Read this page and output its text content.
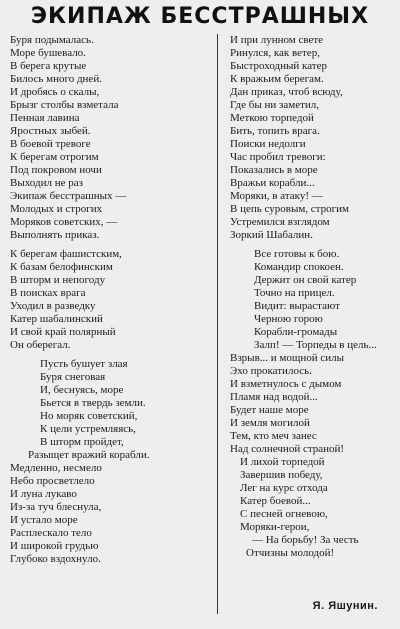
ЭКИПАЖ БЕССТРАШНЫХ
Буря подымалась.
Море бушевало.
В берега крутые
Билось много дней.
И дробясь о скалы,
Брызг столбы взметала
Пенная лавина
Яростных зыбей.
В боевой тревоге
К берегам отрогим
Под покровом ночи
Выходил не раз
Экипаж бесстрашных —
Молодых и строгих
Моряков советских, —
Выполнять приказ.
К берегам фашистским,
К базам белофинским
В шторм и непогоду
В поисках врага
Уходил в разведку
Катер шабалинский
И свой край полярный
Он оберегал.
Пусть бушует злая
Буря снеговая
И, беснуясь, море
Бьется в твердь земли.
Но моряк советский,
К цели устремляясь,
В шторм пройдет,
Разыщет вражий корабли.
Медленно, несмело
Небо просветлело
И луна лукаво
Из-за туч блеснула,
И устало море
Расплескало тело
И широкой грудью
Глубоко вздохнуло.
И при лунном свете
Ринулся, как ветер,
Быстроходный катер
К вражьим берегам.
Дан приказ, чтоб всюду,
Где бы ни заметил,
Меткою торпедой
Бить, топить врага.
Поиски недолги
Час пробил тревоги:
Показались в море
Вражьи корабли...
Моряки, в атаку! —
В цепь суровым, строгим
Устремился взглядом
Зоркий Шабалин.
Все готовы к бою.
Командир спокоен.
Держит он свой катер
Точно на прицел.
Видит: вырастают
Черною горою
Корабли-громады
Залп! — Торпеды в цель...
Взрыв... и мощной силы
Эхо прокатилось.
И взметнулось с дымом
Пламя над водой...
Будет наше море
И земля могилой
Тем, кто меч занес
Над солнечной страной!
И лихой торпедой
Завершив победу,
Лег на курс отхода
Катер боевой...
С песней огневою,
Моряки-герои,
— На борьбу! За честь
Отчизны молодой!
Я. Яшунин.
